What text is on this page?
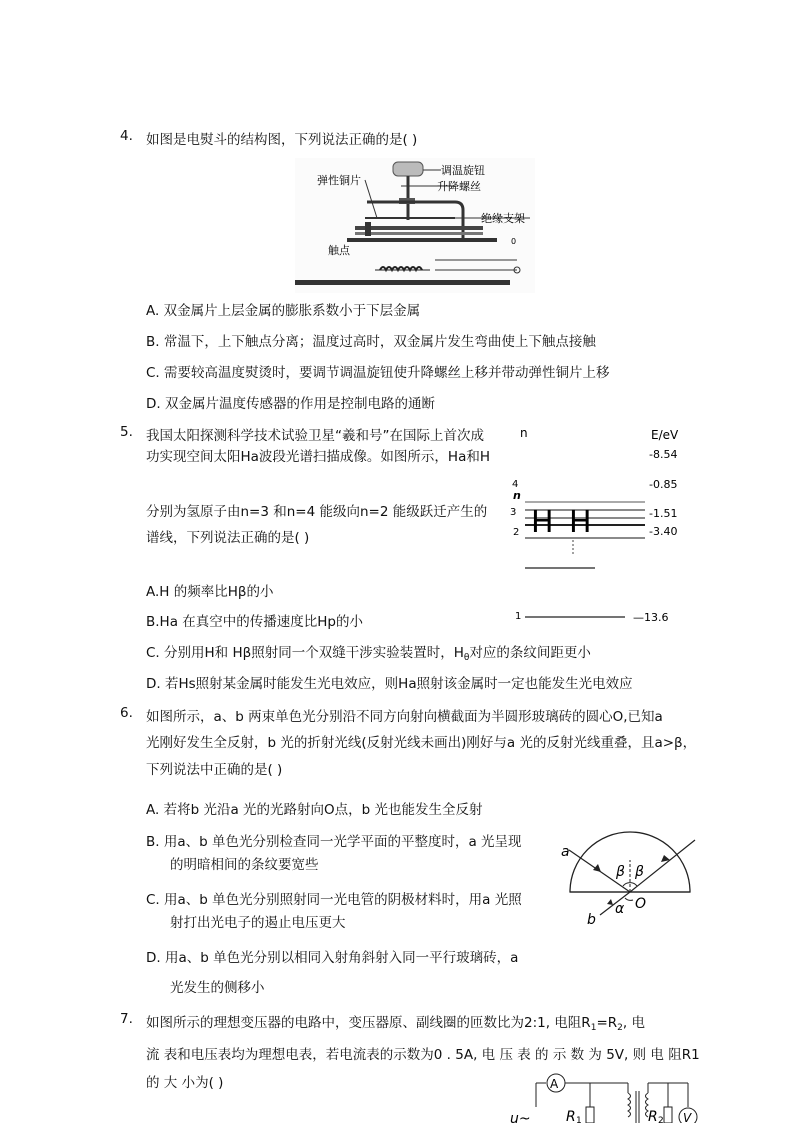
4. 如图是电熨斗的结构图，下列说法正确的是( )
调温旋钮
升降螺丝
弹性铜片
绝缘支架
0
触点
A. 双金属片上层金属的膨胀系数小于下层金属
B. 常温下，上下触点分离；温度过高时，双金属片发生弯曲使上下触点接触
C. 需要较高温度熨烫时，要调节调温旋钮使升降螺丝上移并带动弹性铜片上移
D. 双金属片温度传感器的作用是控制电路的通断
5. 我国太阳探测科学技术试验卫星“羲和号”在国际上首次成
功实现空间太阳Ha波段光谱扫描成像。如图所示，Ha和H
分别为氢原子由n=3 和n=4 能级向n=2 能级跃迁产生的
谱线，下列说法正确的是( )
n	E/eV
-8.54
-0.85
n
4
3	-1.51
2	-3.40
H H
1	—13.6
A.H 的频率比Hβ的小
B.Ha 在真空中的传播速度比Hp的小
C. 分别用H和 Hβ照射同一个双缝干涉实验装置时，$H_\theta$对应的条纹间距更小
D. 若Hs照射某金属时能发生光电效应，则Ha照射该金属时一定也能发生光电效应
6. 如图所示，a、b 两束单色光分别沿不同方向射向横截面为半圆形玻璃砖的圆心O,已知a
光刚好发生全反射，b 光的折射光线(反射光线未画出)刚好与a 光的反射光线重叠，且a>β，
下列说法中正确的是( )
A. 若将b 光沿a 光的光路射向O点，b 光也能发生全反射
B. 用a、b 单色光分别检查同一光学平面的平整度时，a 光呈现
的明暗相间的条纹要宽些
C. 用a、b 单色光分别照射同一光电管的阴极材料时，用a 光照
射打出光电子的遏止电压更大
D. 用a、b 单色光分别以相同入射角斜射入同一平行玻璃砖，a
光发生的侧移小
a
b
β β
α O
7. 如图所示的理想变压器的电路中，变压器原、副线圈的匝数比为2:1, 电阻$R_1=R_2$, 电
流 表和电压表均为理想电表，若电流表的示数为0 . 5A, 电 压 表 的 示 数 为 5V, 则 电 阻R1
的 大 小为( )	A
u~	R 1	R 2 V
